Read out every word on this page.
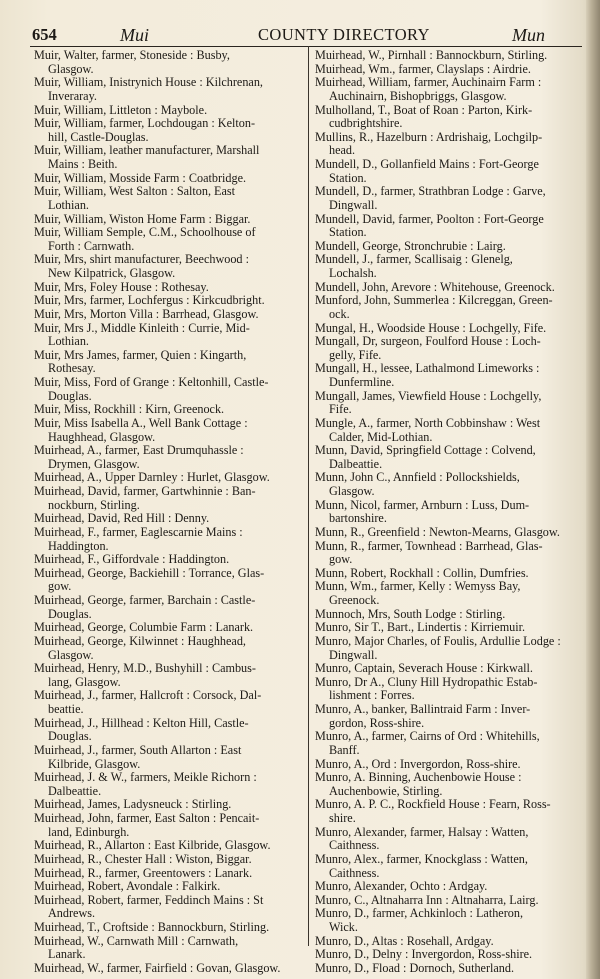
654	Mui	COUNTY DIRECTORY	Mun
Muir, Walter, farmer, Stoneside : Busby,
Glasgow.
Muir, William, Inistrynich House : Kilchrenan,
Inveraray.
Muir, William, Littleton : Maybole.
Muir, William, farmer, Lochdougan : Kelton-
hill, Castle-Douglas.
Muir, William, leather manufacturer, Marshall
Mains : Beith.
Muir, William, Mosside Farm : Coatbridge.
Muir, William, West Salton : Salton, East
Lothian.
Muir, William, Wiston Home Farm : Biggar.
Muir, William Semple, C.M., Schoolhouse of
Forth : Carnwath.
Muir, Mrs, shirt manufacturer, Beechwood :
New Kilpatrick, Glasgow.
Muir, Mrs, Foley House : Rothesay.
Muir, Mrs, farmer, Lochfergus : Kirkcudbright.
Muir, Mrs, Morton Villa : Barrhead, Glasgow.
Muir, Mrs J., Middle Kinleith : Currie, Mid-
Lothian.
Muir, Mrs James, farmer, Quien : Kingarth,
Rothesay.
Muir, Miss, Ford of Grange : Keltonhill, Castle-
Douglas.
Muir, Miss, Rockhill : Kirn, Greenock.
Muir, Miss Isabella A., Well Bank Cottage :
Haughhead, Glasgow.
Muirhead, A., farmer, East Drumquhassle :
Drymen, Glasgow.
Muirhead, A., Upper Darnley : Hurlet, Glasgow.
Muirhead, David, farmer, Gartwhinnie : Ban-
nockburn, Stirling.
Muirhead, David, Red Hill : Denny.
Muirhead, F., farmer, Eaglescarnie Mains :
Haddington.
Muirhead, F., Giffordvale : Haddington.
Muirhead, George, Backiehill : Torrance, Glas-
gow.
Muirhead, George, farmer, Barchain : Castle-
Douglas.
Muirhead, George, Columbie Farm : Lanark.
Muirhead, George, Kilwinnet : Haughhead,
Glasgow.
Muirhead, Henry, M.D., Bushyhill : Cambus-
lang, Glasgow.
Muirhead, J., farmer, Hallcroft : Corsock, Dal-
beattie.
Muirhead, J., Hillhead : Kelton Hill, Castle-
Douglas.
Muirhead, J., farmer, South Allarton : East
Kilbride, Glasgow.
Muirhead, J. & W., farmers, Meikle Richorn :
Dalbeattie.
Muirhead, James, Ladysneuck : Stirling.
Muirhead, John, farmer, East Salton : Pencait-
land, Edinburgh.
Muirhead, R., Allarton : East Kilbride, Glasgow.
Muirhead, R., Chester Hall : Wiston, Biggar.
Muirhead, R., farmer, Greentowers : Lanark.
Muirhead, Robert, Avondale : Falkirk.
Muirhead, Robert, farmer, Feddinch Mains : St
Andrews.
Muirhead, T., Croftside : Bannockburn, Stirling.
Muirhead, W., Carnwath Mill : Carnwath,
Lanark.
Muirhead, W., farmer, Fairfield : Govan, Glasgow.
Muirhead, W., Pirnhall : Bannockburn, Stirling.
Muirhead, Wm., farmer, Clayslaps : Airdrie.
Muirhead, William, farmer, Auchinairn Farm :
Auchinairn, Bishopbriggs, Glasgow.
Mulholland, T., Boat of Roan : Parton, Kirk-
cudbrightshire.
Mullins, R., Hazelburn : Ardrishaig, Lochgilp-
head.
Mundell, D., Gollanfield Mains : Fort-George
Station.
Mundell, D., farmer, Strathbran Lodge : Garve,
Dingwall.
Mundell, David, farmer, Poolton : Fort-George
Station.
Mundell, George, Stronchrubie : Lairg.
Mundell, J., farmer, Scallisaig : Glenelg,
Lochalsh.
Mundell, John, Arevore : Whitehouse, Greenock.
Munford, John, Summerlea : Kilcreggan, Green-
ock.
Mungal, H., Woodside House : Lochgelly, Fife.
Mungall, Dr, surgeon, Foulford House : Loch-
gelly, Fife.
Mungall, H., lessee, Lathalmond Limeworks :
Dunfermline.
Mungall, James, Viewfield House : Lochgelly,
Fife.
Mungle, A., farmer, North Cobbinshaw : West
Calder, Mid-Lothian.
Munn, David, Springfield Cottage : Colvend,
Dalbeattie.
Munn, John C., Annfield : Pollockshields,
Glasgow.
Munn, Nicol, farmer, Arnburn : Luss, Dum-
bartonshire.
Munn, R., Greenfield : Newton-Mearns, Glasgow.
Munn, R., farmer, Townhead : Barrhead, Glas-
gow.
Munn, Robert, Rockhall : Collin, Dumfries.
Munn, Wm., farmer, Kelly : Wemyss Bay,
Greenock.
Munnoch, Mrs, South Lodge : Stirling.
Munro, Sir T., Bart., Lindertis : Kirriemuir.
Munro, Major Charles, of Foulis, Ardullie Lodge :
Dingwall.
Munro, Captain, Severach House : Kirkwall.
Munro, Dr A., Cluny Hill Hydropathic Estab-
lishment : Forres.
Munro, A., banker, Ballintraid Farm : Inver-
gordon, Ross-shire.
Munro, A., farmer, Cairns of Ord : Whitehills,
Banff.
Munro, A., Ord : Invergordon, Ross-shire.
Munro, A. Binning, Auchenbowie House :
Auchenbowie, Stirling.
Munro, A. P. C., Rockfield House : Fearn, Ross-
shire.
Munro, Alexander, farmer, Halsay : Watten,
Caithness.
Munro, Alex., farmer, Knockglass : Watten,
Caithness.
Munro, Alexander, Ochto : Ardgay.
Munro, C., Altnaharra Inn : Altnaharra, Lairg.
Munro, D., farmer, Achkinloch : Latheron,
Wick.
Munro, D., Altas : Rosehall, Ardgay.
Munro, D., Delny : Invergordon, Ross-shire.
Munro, D., Fload : Dornoch, Sutherland.
